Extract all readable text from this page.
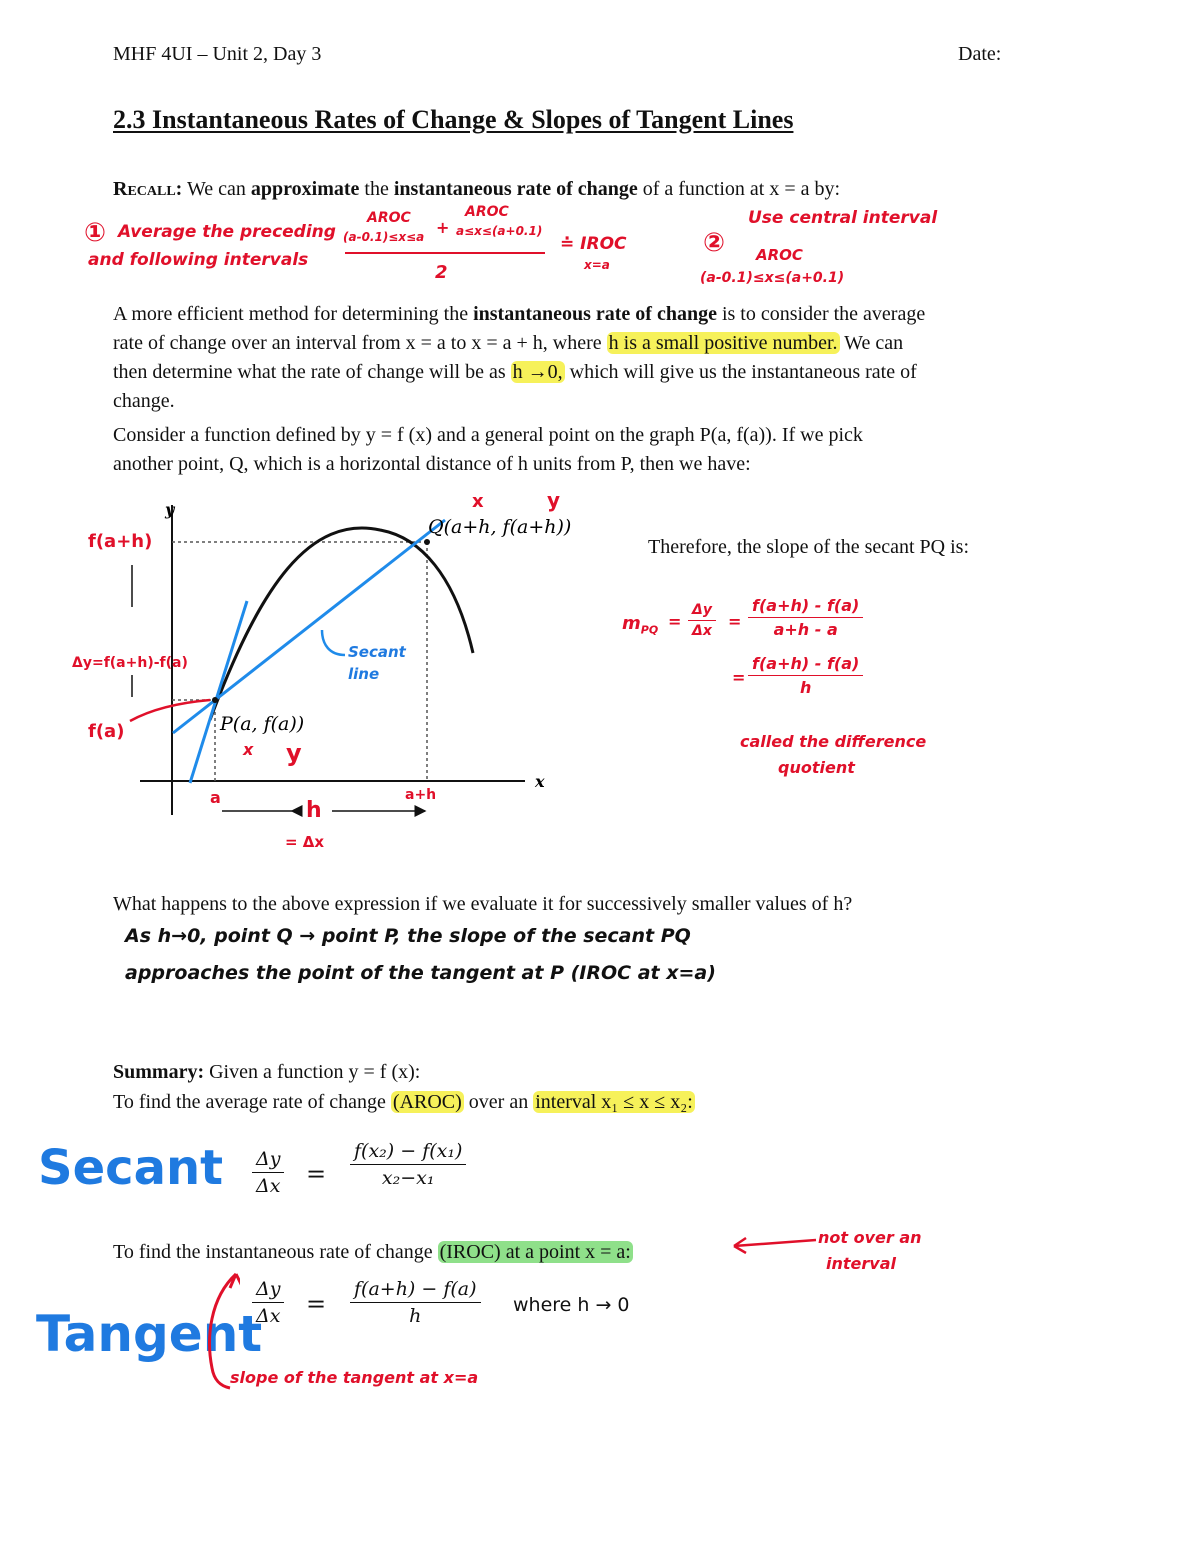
MHF 4UI – Unit 2, Day 3	Date:
2.3 Instantaneous Rates of Change & Slopes of Tangent Lines
Recall: We can approximate the instantaneous rate of change of a function at x = a by:
① Average the preceding
and following intervals
AROC
(a-0.1)≤x≤a +
AROC
a≤x≤(a+0.1)
2
≐ IROC
x=a
②
Use central interval
AROC
(a-0.1)≤x≤(a+0.1)
A more efficient method for determining the instantaneous rate of change is to consider the average
rate of change over an interval from x = a to x = a + h, where h is a small positive number. We can
then determine what the rate of change will be as h →0, which will give us the instantaneous rate of
change.
Consider a function defined by y = f (x) and a general point on the graph P(a, f(a)). If we pick
another point, Q, which is a horizontal distance of h units from P, then we have:
y
x
Q(a+h, f(a+h))
P(a, f(a))
x	y
x y
f(a+h)
Δy=f(a+h)-f(a)
f(a)
Secant
line
a	a+h
h
= Δx
Therefore, the slope of the secant PQ is:
$m_{PQ}$ =
Δy
Δx =
f(a+h) - f(a)
a+h - a
=
f(a+h) - f(a)
h
called the difference
quotient
What happens to the above expression if we evaluate it for successively smaller values of h?
As h→0, point Q → point P, the slope of the secant PQ
approaches the point of the tangent at P (IROC at x=a)
Summary: Given a function y = f (x):
To find the average rate of change (AROC) over an interval x₁ ≤ x ≤ x₂:
Secant Δy
Δx =
f(x₂) − f(x₁)
x₂−x₁
To find the instantaneous rate of change (IROC) at a point x = a:
not over an
interval
Tangent
Δy
Δx =
f(a+h) − f(a)
h	where h → 0
slope of the tangent at x=a
